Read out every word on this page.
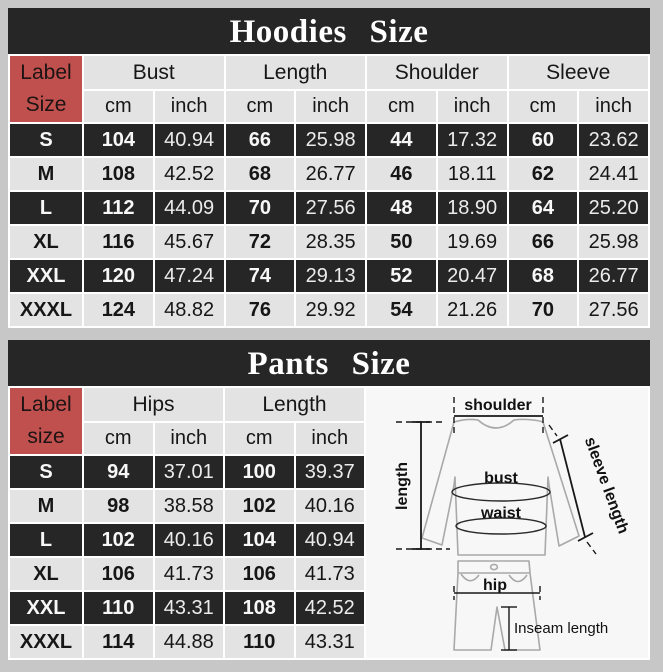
Hoodies Size
Label
Size	Bust		Length		Shoulder		Sleeve	
	cm	inch	cm	inch	cm	inch	cm	inch
S	104	40.94	66	25.98	44	17.32	60	23.62
M	108	42.52	68	26.77	46	18.11	62	24.41
L	112	44.09	70	27.56	48	18.90	64	25.20
XL	116	45.67	72	28.35	50	19.69	66	25.98
XXL	120	47.24	74	29.13	52	20.47	68	26.77
XXXL	124	48.82	76	29.92	54	21.26	70	27.56
Pants Size
Label
size	Hips		Length	
	cm	inch	cm	inch
S	94	37.01	100	39.37
M	98	38.58	102	40.16
L	102	40.16	104	40.94
XL	106	41.73	106	41.73
XXL	110	43.31	108	42.52
XXXL	114	44.88	110	43.31
bust
waist
shoulder
length	sleeve length
hip
Inseam length
